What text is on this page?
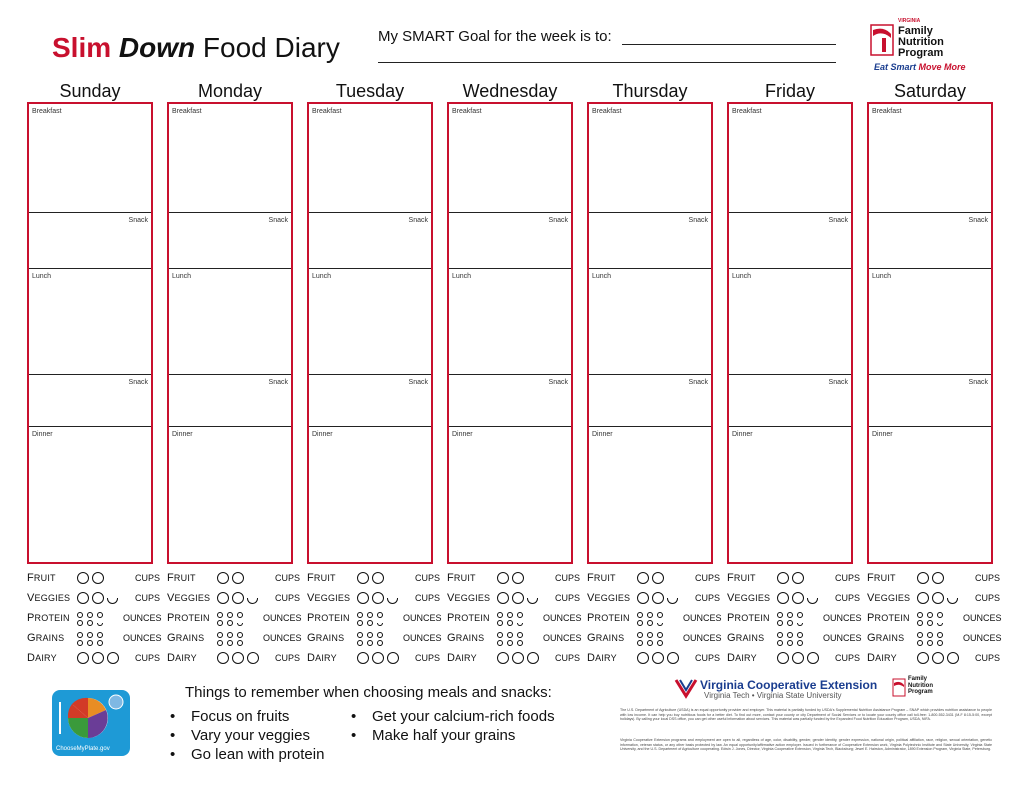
Slim Down Food Diary	My SMART Goal for the week is to:
VIRGINIA
Family
Nutrition
Program
Eat Smart Move More
Sunday
Breakfast
Snack
Lunch
Snack
Dinner
FRUIT	CUPS
VEGGIES	CUPS
PROTEIN	OUNCES
GRAINS	OUNCES
DAIRY	CUPS
Monday
Breakfast
Snack
Lunch
Snack
Dinner
FRUIT	CUPS
VEGGIES	CUPS
PROTEIN	OUNCES
GRAINS	OUNCES
DAIRY	CUPS
Tuesday
Breakfast
Snack
Lunch
Snack
Dinner
FRUIT	CUPS
VEGGIES	CUPS
PROTEIN	OUNCES
GRAINS	OUNCES
DAIRY	CUPS
Wednesday
Breakfast
Snack
Lunch
Snack
Dinner
FRUIT	CUPS
VEGGIES	CUPS
PROTEIN	OUNCES
GRAINS	OUNCES
DAIRY	CUPS
Thursday
Breakfast
Snack
Lunch
Snack
Dinner
FRUIT	CUPS
VEGGIES	CUPS
PROTEIN	OUNCES
GRAINS	OUNCES
DAIRY	CUPS
Friday
Breakfast
Snack
Lunch
Snack
Dinner
FRUIT	CUPS
VEGGIES	CUPS
PROTEIN	OUNCES
GRAINS	OUNCES
DAIRY	CUPS
Saturday
Breakfast
Snack
Lunch
Snack
Dinner
FRUIT	CUPS
VEGGIES	CUPS
PROTEIN	OUNCES
GRAINS	OUNCES
DAIRY	CUPS
ChooseMyPlate.gov
Things to remember when choosing meals and snacks:
• Focus on fruits
• Vary your veggies
• Go lean with protein
• Get your calcium-rich foods
• Make half your grains
Virginia Cooperative Extension
Virginia Tech • Virginia State University
Family
Nutrition
Program
The U.S. Department of Agriculture (USDA) is an equal opportunity provider and employer. This material is partially funded by USDA's Supplemental Nutrition Assistance Program – SNAP which provides nutrition assistance to people with low income. It can help you buy nutritious foods for a better diet. To find out more, contact your county or city Department of Social Services or to locate your county office call toll-free: 1-800-552-3431 (M-F 8:15-5:00, except holidays). By calling your local DSS office, you can get other useful information about services. This material was partially funded by the Expanded Food Nutrition Education Program, USDA, NIFA.
Virginia Cooperative Extension programs and employment are open to all, regardless of age, color, disability, gender, gender identity, gender expression, national origin, political affiliation, race, religion, sexual orientation, genetic information, veteran status, or any other basis protected by law. An equal opportunity/affirmative action employer. Issued in furtherance of Cooperative Extension work, Virginia Polytechnic Institute and State University, Virginia State University, and the U.S. Department of Agriculture cooperating. Edwin J. Jones, Director, Virginia Cooperative Extension, Virginia Tech, Blacksburg; Jewel E. Hairston, Administrator, 1890 Extension Program, Virginia State, Petersburg.
